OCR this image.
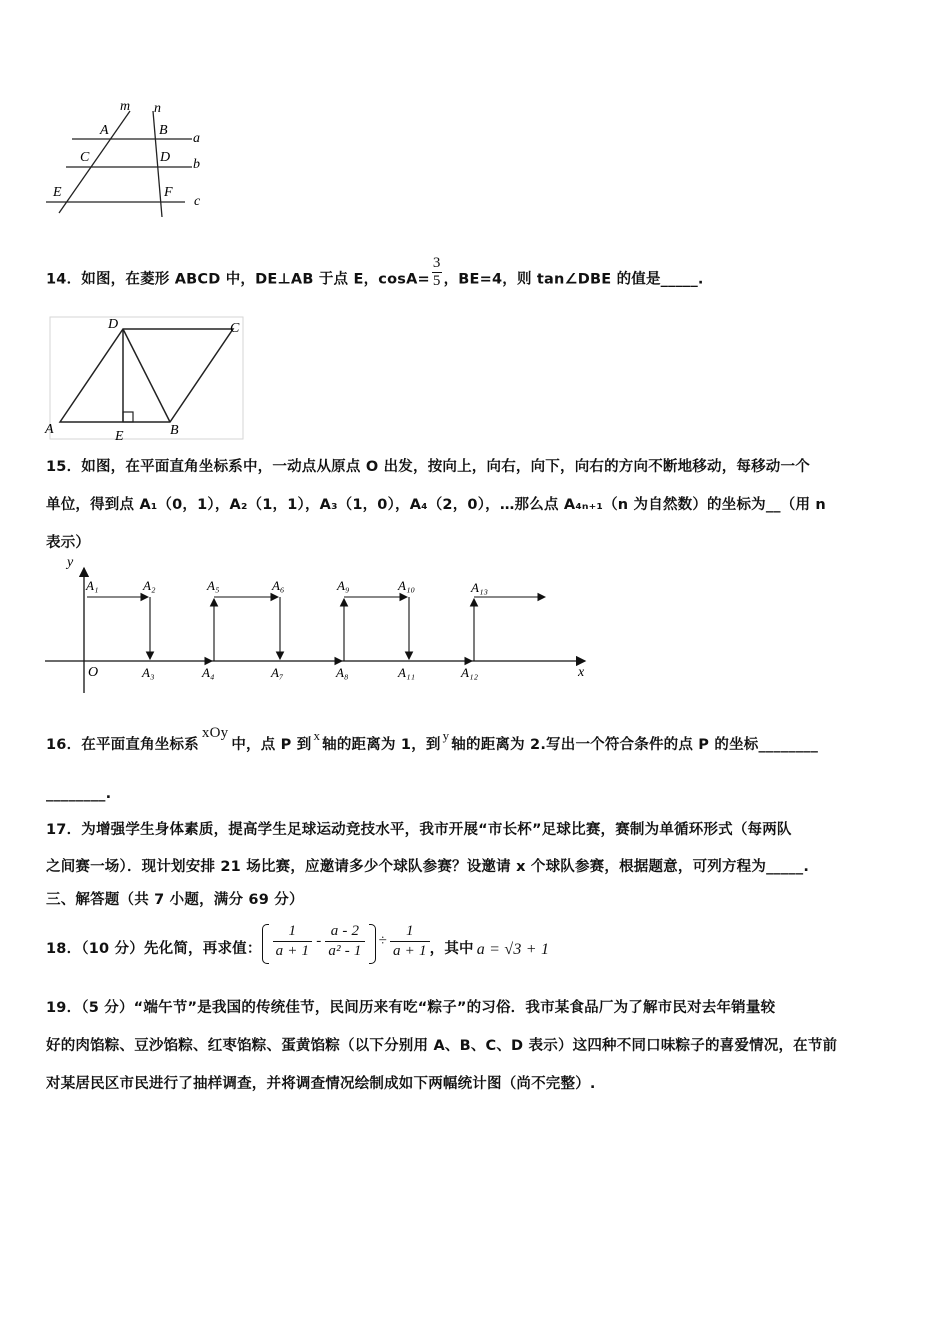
m n
A	B
a
C	D b
E	F
c
14．如图，在菱形 ABCD 中，DE⊥AB 于点 E，$\cos A= \frac{3}{5}$ ，BE=4，则 tan∠DBE 的值是_____.
D	C
A	E	B
15．如图，在平面直角坐标系中，一动点从原点 O 出发，按向上，向右，向下，向右的方向不断地移动，每移动一个
单位，得到点 A₁（0，1），A₂（1，1），A₃（1，0），A₄（2，0），…那么点 A₄ₙ₊₁（n 为自然数）的坐标为__（用 n
表示）
y
x
O
A₁	A₂	A₅	A₆	A₉	A₁₀	A₁₃
A₃	A₄	A₇	A₈	A₁₁	A₁₂
16．在平面直角坐标系xOy中，点 P 到x轴的距离为 1，到y轴的距离为 2.写出一个符合条件的点 P 的坐标________
________.
17．为增强学生身体素质，提高学生足球运动竞技水平，我市开展“市长杯”足球比赛，赛制为单循环形式（每两队
之间赛一场）．现计划安排 21 场比赛，应邀请多少个球队参赛？设邀请 x 个球队参赛，根据题意，可列方程为_____.
三、解答题（共 7 小题，满分 69 分）
18．（10 分）先化简，再求值： $\frac{1}{a + 1} - \frac{a - 2}{\text{a² - 1}} \div \frac{1}{a + 1}$ ，其中 a = √3 + 1
19．（5 分）“端午节”是我国的传统佳节，民间历来有吃“粽子”的习俗．我市某食品厂为了解市民对去年销量较
好的肉馅粽、豆沙馅粽、红枣馅粽、蛋黄馅粽（以下分别用 A、B、C、D 表示）这四种不同口味粽子的喜爱情况，在节前
对某居民区市民进行了抽样调查，并将调查情况绘制成如下两幅统计图（尚不完整）.
